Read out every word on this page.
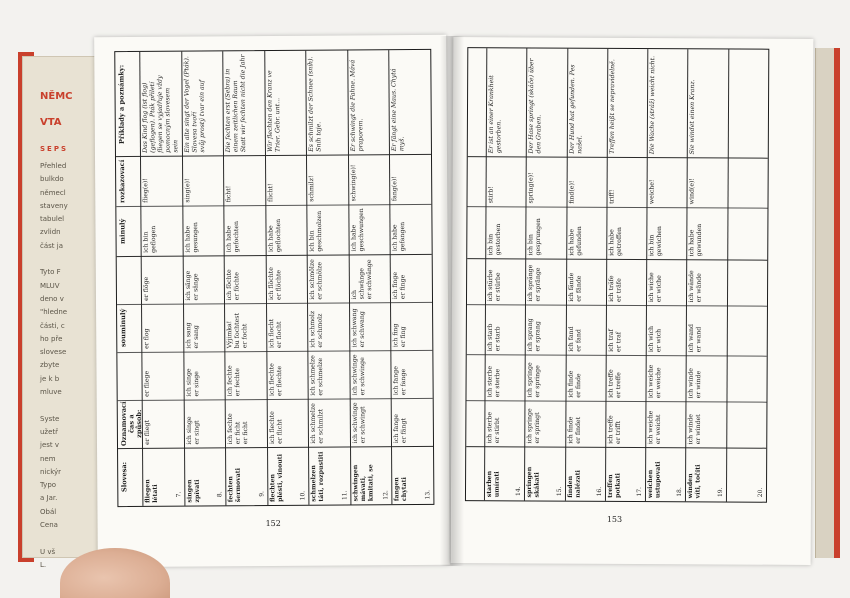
NĚMC
VTA
SEPS
Přehled
bulkdo
němecl
staveny
tabulel
zvlidn
část ja

Tyto F
MLUV
deno v
"hledne
části, c
ho pře
slovese
zbyte
je k b
mluve

Syste
užetř
jest v
nem
nickýr
Typo
a Jar.
Obál
Cena

U vš
L.
Slovesa:
Oznamovací čas a způsob:
souminulý
minulý
rozkazovací
Příklady a poznámky:
fliegen
létati
er fliegt
er fliege
er flog
er flöge
ich bin
geflogen
flieg(e)!
Das Kind flog (ist flog) (geflogen). Pták přiletí
fliegen se vyjadřuje vždy pomocným slovesem
sein
7. singen
zpívati
ich singe
er singt
ich singe
er singe
ich sang
er sang
ich sänge
er sänge
ich habe
gesungen
sing(e)!
Ein alte singt der Vogel (Pták). Slovesa tvoří
svůj prostý tvar ein auf
8. fechten
šermovati
ich fechte
er ficht
er ficht
ich fechte
er fechte
Výjimka!
bu fochtest
er focht
ich föchte
er föchte
ich habe
gefochten
ficht!
Die fechten erst (Sebra) in einem zeitlichen Raum
Statt wir fechten nicht die Jahr
9. flechten
plésti, vinouti
ich flechte
er flicht
ich flechte
er flechte
ich flocht
er flocht
ich flöchte
er flöchte
ich habe
geflochten
flicht!
Wir flechten den Kranz ve Trier. Gebr. unt...
10. schmelzen
táti, rozpustiti
ich schmelze
er schmilzt
ich schmelze
er schmelze
ich schmolz
er schmolz
ich schmölze
er schmölze
ich bin
geschmolzen
schmilz!
Es schmilzt der Schnee (sníh). Sníh taje.
11. schwingen
mávati,
kmitati, se
ich schwinge
er schwingt
ich schwinge
er schwinge
ich schwang
er schwang
ich schwänge
er schwänge
ich habe
geschwungen
schwing(e)!
Er schwingt die Fahne. Mává praporem.
12. fangen
chytati
ich fange
er fängt
ich fange
er fange
ich fing
er fing
ich finge
er finge
ich habe
gefangen
fang(e)!
Er fängt eine Maus. Chytá myš.
13.
152
starben
umírati
ich sterbe
er stirbt
ich sterbe
er sterbe
ich starb
er starb
ich stürbe
er stürbe
ich bin
gestorben
stirb!
Er ist an einer Krankheit gestorben.
14. springen
skákati
ich springe
er springt
ich springe
er springe
ich sprang
er sprang
ich spränge
er spränge
ich bin
gesprungen
spring(e)!
Der Hase springt (skáče) über den Graben.
15. finden
nalézati
ich finde
er findet
ich finde
er finde
ich fand
er fand
ich fände
er fände
ich habe
gefunden
find(e)!
Der Hund hat gefunden. Pes našel.
16. treffen
potkati
ich treffe
er trifft
ich treffe
er treffe
ich traf
er traf
ich träfe
er träfe
ich habe
getroffen
triff!
Treffen heißt se nepravidelně.
17. weichen
ustupovati
ich weiche
er weicht
ich weiche
er weiche
ich wich
er wich
ich wiche
er wiche
ich bin
gewichen
weiche!
Die Wache (stráž) weicht nicht.
18. winden
víti, točiti
ich winde
er windet
ich winde
er winde
ich wand
er wand
ich wände
er wände
ich habe
gewunden
wind(e)!
Sie windet einen Kranz.
19.	20.
153
